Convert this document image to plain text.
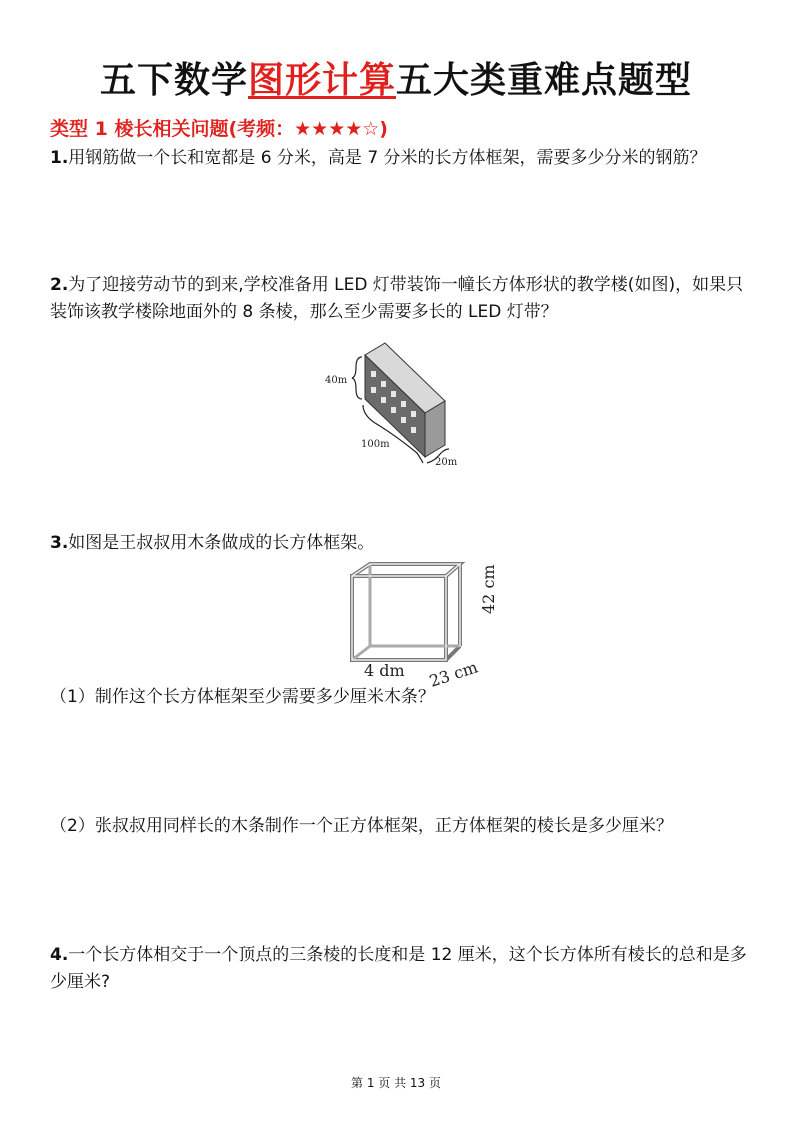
五下数学图形计算五大类重难点题型
类型 1 棱长相关问题(考频：★★★★☆)
1.用钢筋做一个长和宽都是 6 分米，高是 7 分米的长方体框架，需要多少分米的钢筋？
2.为了迎接劳动节的到来,学校准备用 LED 灯带装饰一幢长方体形状的教学楼(如图)，如果只装饰该教学楼除地面外的 8 条棱，那么至少需要多长的 LED 灯带？
40m
100m
20m
3.如图是王叔叔用木条做成的长方体框架。
42 cm
4 dm 23 cm
（1）制作这个长方体框架至少需要多少厘米木条？
（2）张叔叔用同样长的木条制作一个正方体框架，正方体框架的棱长是多少厘米？
4.一个长方体相交于一个顶点的三条棱的长度和是 12 厘米，这个长方体所有棱长的总和是多少厘米?
第 1 页 共 13 页
